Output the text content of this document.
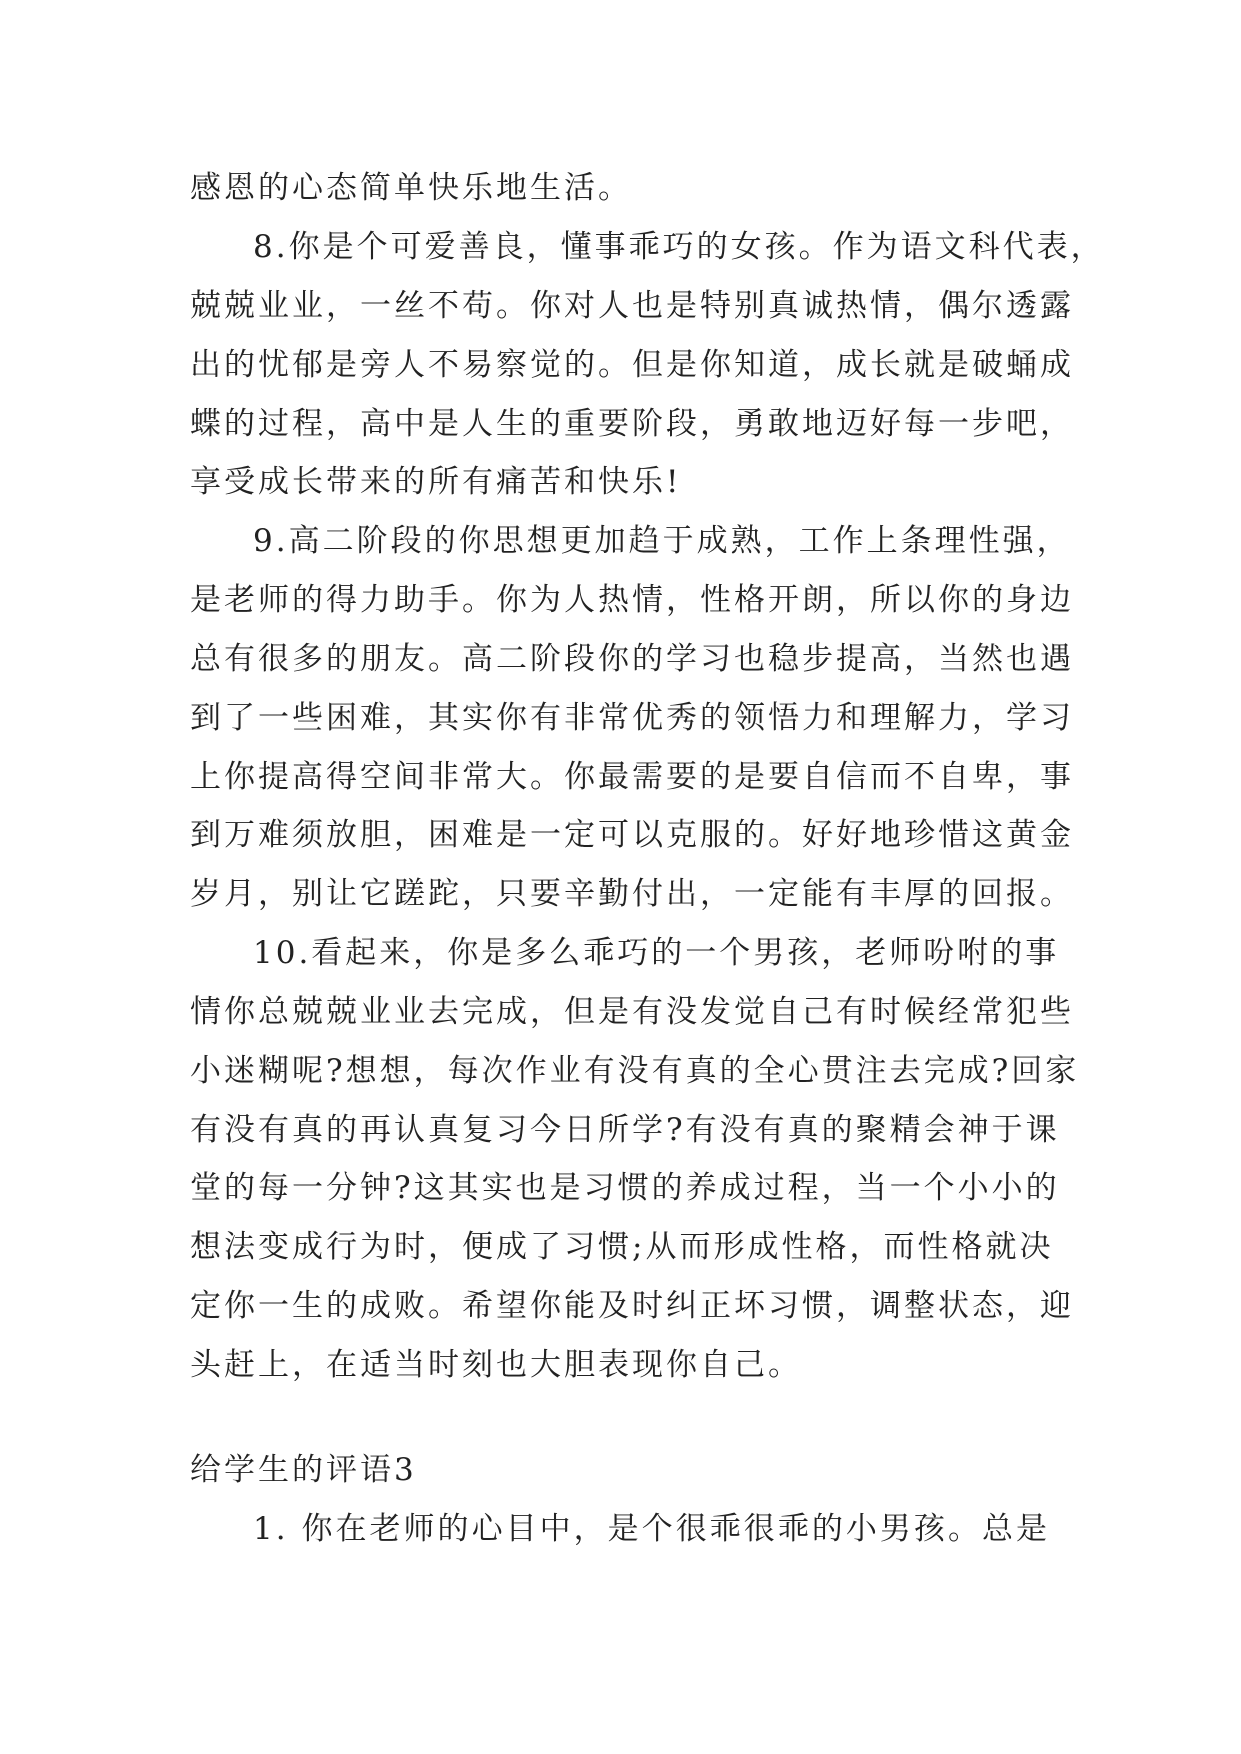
感恩的心态简单快乐地生活。
8.你是个可爱善良，懂事乖巧的女孩。作为语文科代表，
兢兢业业，一丝不苟。你对人也是特别真诚热情，偶尔透露
出的忧郁是旁人不易察觉的。但是你知道，成长就是破蛹成
蝶的过程，高中是人生的重要阶段，勇敢地迈好每一步吧，
享受成长带来的所有痛苦和快乐!
9.高二阶段的你思想更加趋于成熟，工作上条理性强，
是老师的得力助手。你为人热情，性格开朗，所以你的身边
总有很多的朋友。高二阶段你的学习也稳步提高，当然也遇
到了一些困难，其实你有非常优秀的领悟力和理解力，学习
上你提高得空间非常大。你最需要的是要自信而不自卑，事
到万难须放胆，困难是一定可以克服的。好好地珍惜这黄金
岁月，别让它蹉跎，只要辛勤付出，一定能有丰厚的回报。
10.看起来，你是多么乖巧的一个男孩，老师吩咐的事
情你总兢兢业业去完成，但是有没发觉自己有时候经常犯些
小迷糊呢?想想，每次作业有没有真的全心贯注去完成?回家
有没有真的再认真复习今日所学?有没有真的聚精会神于课
堂的每一分钟?这其实也是习惯的养成过程，当一个小小的
想法变成行为时，便成了习惯;从而形成性格，而性格就决
定你一生的成败。希望你能及时纠正坏习惯，调整状态，迎
头赶上，在适当时刻也大胆表现你自己。
给学生的评语3
1. 你在老师的心目中，是个很乖很乖的小男孩。总是
